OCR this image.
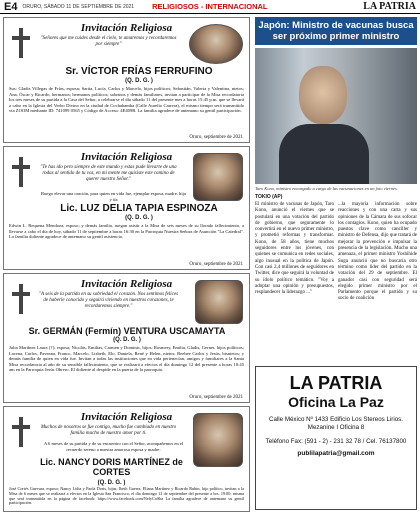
E4 ORURO, SÁBADO 11 DE SEPTIEMBRE DE 2021 RELIGIOSOS - INTERNACIONAL	LA PATRIA
Invitación Religiosa
"Señores que me cuides desde el cielo, te amaremos y recordaremos por siempre"
Sr. VÍCTOR FRÍAS FERRUFINO
(Q. D. G. )
Sus: Gladis Villegas de Frías, esposa; Sarita, Lucía, Carlos y Marcelo, hijos políticos; Sebastián, Valeria y Valentina, nietos; Ana, Óscar y Ricardo, hermanos; hermanos políticos; sobrinos y demás familiares, invitan a participar de la Misa recordatoria los tres meses de su partida a la Casa del Señor, a celebrarse el día sábado 11 del presente mes a horas 15:45 p.m. que se llevará a cabo en la Iglesia del Verbo Divino en la ciudad de Cochabamba (Calle Aurelio Carrera), el mismo tiempo será transmitido vía ZOOM mediante ID: 741099 0565 y Código de Acceso: 4E409B. La familia agradece de antemano su gentil participación.
Oruro, septiembre de 2021
Invitación Religiosa
"Te has ido pero siempre de este mundo y estas pude llevarte de una rodas al sentido de tu voz, en mi mente me quisiste este camino de querer nuestro Señor."
Ruego elevar una oración, para quien en vida fue, ejemplar esposa, madre, hija y tía
Lic. LUZ DELIA TAPIA ESPINOZA
(Q. D. G. )
Edwin L. Requena Mendoza, esposo; y demás familia, ruegan asistir a la Misa de seis meses de su llorado fallecimiento, a llevarse a cabo el día de hoy, sábado 11 de septiembre a horas 16:30 en la Parroquia Nuestra Señora de Asunción "La Catedral". La familia doliente agradece de antemano su gentil asistencia.
Oruro, septiembre de 2021
Invitación Religiosa
"A seis de la partida en su sobriedad el corazón. Nos sentimos felices de haberle conocido y seguirá viviendo en nuestros corazones, te recordaremos siempre."
Sr. GERMÁN (Fermín) VENTURA USCAMAYTA
(Q. D. G. )
Julia Martínez Laura (†), esposa; Nicolás, Emilias, Carmen y Dominic, hijos; Rosmery, Emilia, Gladis, Gerner, hijos políticos; Lorena, Carlos, Paveana, Franco, Marcelo, Lizbeth, Elo, Daniela, René y Helen, nietos; Beebee Carlos y Jesús, bisnietos; y demás familia de quien en vida fue. Invitan a todas las instituciones que en vida pertenecían, amigos y familiares a la Santa Misa recordatoria al año de su sensible fallecimiento, que se realizará a efectos el día domingo 12 del presente a horas 10:45 am en la Parroquia Jesús Obrero. El doliente al despide en la puerta de la parroquia.
Oruro, septiembre de 2021
Invitación Religiosa
Muchos de nosotros se fue contigo, mucho fue cambiado en nuestro familia mucho de nuestro amor por ti.
A 6 meses de su partida y de su encuentro con el Señor, acompañemos en el recuerdo sereno a nuestra amorosa esposa y madre:
Lic. NANCY DORIS MARTÍNEZ de CORTES
(Q. D. G. )
José Cortés Guevara, esposo; Nancy Lidia y Paola Doris, hijas; Ibeth Guerra, Eliana Martínez y Ricardo Rubin, hijo político, invitan a la Misa de 6 meses que se realizará a efectos en la Iglesia San Francisco, el día domingo 12 de septiembre del presente a hrs. 19:00; misma que será transmitida en la página de facebook: https://www.facebook.com/NelyCoSha La familia agradece de antemano su gentil participación.
Japón: Ministro de vacunas busca ser próximo primer ministro
Taro Kono, ministro encargado a cargo de las vacunaciones en un foto viernes.
TOKIO (AP)
El ministro de vacunas de Japón, Taro Kono, anunció el viernes que se postulará en una votación del partido de gobierno, que seguramente lo convertirá en el nuevo primer ministro, y prometió reformas y transformar. Kono, de 58 años, tiene muchos seguidores entre los jóvenes, con quienes se comunica en redes sociales, algo inusual en la política de Japón. Con casi 2,4 millones de seguidores en Twitter, dice que seguirá la voluntad de su ídolo político temático. "Voy a adoptar una opinión y presupuestos, resplandecer la liderazgo ..."
...la mayoría información sobre reacciones y con una carta y sus opiniones de la Cámara de sus sofocar los contagios. Kono, quien ha ocupado puestos clave como canciller y ministro de Defensa, dijo que tratará de mejorar la prevención e impulsar la presencia de la legislación. Mucho una amenaza, el primer ministro Yoshihide Suga anunció que no buscaría otro término como líder del partido en la votación del 29 de septiembre. El ganador casi con seguridad será elegido primer ministro por el Parlamento porque el partido y su socio de coalición
LA PATRIA
Oficina La Paz
Calle México Nº 1433 Edificio Los Stereos Lirios. Mezanine I Oficina 8
Teléfono Fax: (591 - 2) - 231 32 78 / Cel. 76137800
publilapatria@gmail.com
